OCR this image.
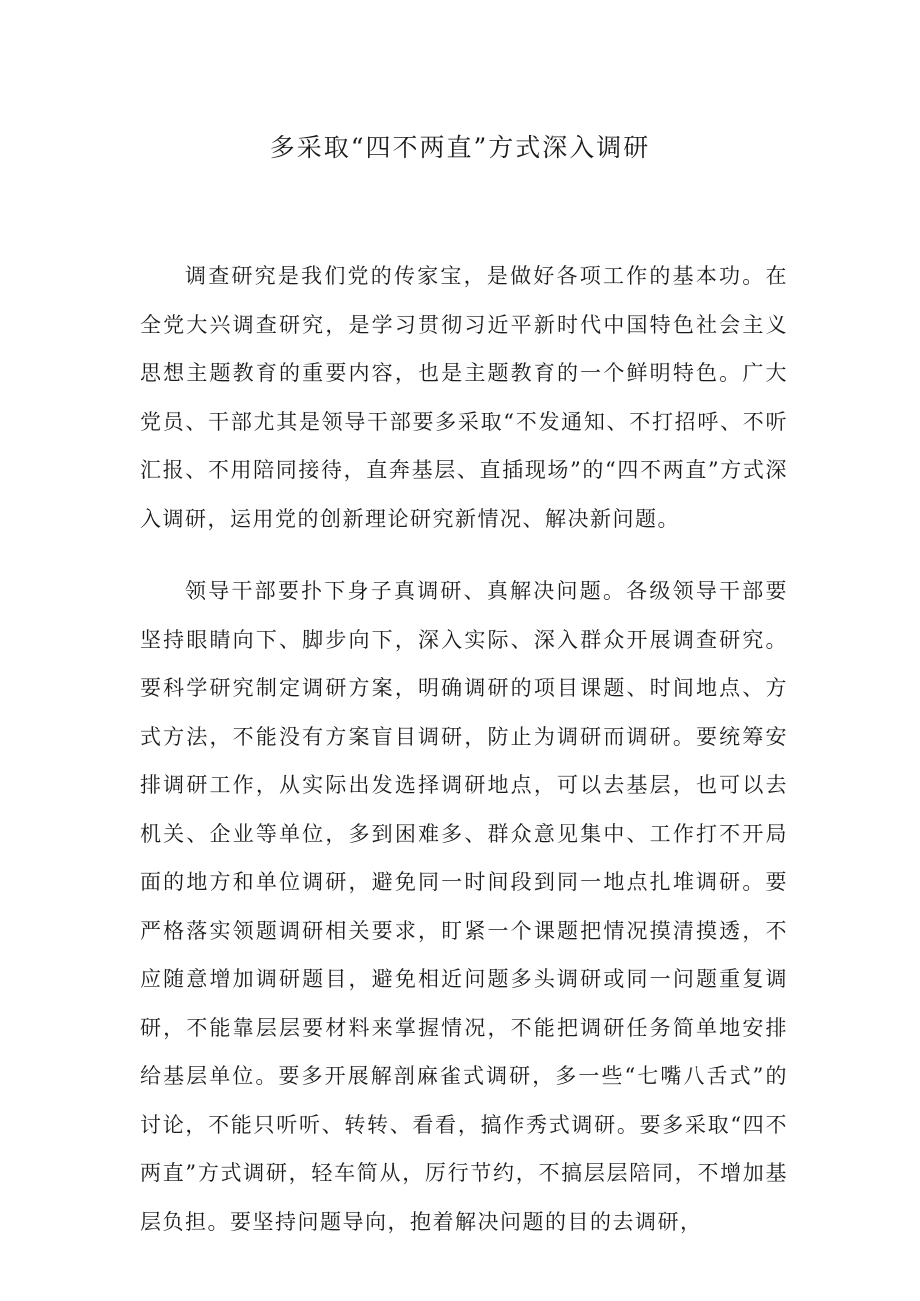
多采取“四不两直”方式深入调研

调查研究是我们党的传家宝，是做好各项工作的基本功。在全党大兴调查研究，是学习贯彻习近平新时代中国特色社会主义思想主题教育的重要内容，也是主题教育的一个鲜明特色。广大党员、干部尤其是领导干部要多采取“不发通知、不打招呼、不听汇报、不用陪同接待，直奔基层、直插现场”的“四不两直”方式深入调研，运用党的创新理论研究新情况、解决新问题。

领导干部要扑下身子真调研、真解决问题。各级领导干部要坚持眼睛向下、脚步向下，深入实际、深入群众开展调查研究。要科学研究制定调研方案，明确调研的项目课题、时间地点、方式方法，不能没有方案盲目调研，防止为调研而调研。要统筹安排调研工作，从实际出发选择调研地点，可以去基层，也可以去机关、企业等单位，多到困难多、群众意见集中、工作打不开局面的地方和单位调研，避免同一时间段到同一地点扎堆调研。要严格落实领题调研相关要求，盯紧一个课题把情况摸清摸透，不应随意增加调研题目，避免相近问题多头调研或同一问题重复调研，不能靠层层要材料来掌握情况，不能把调研任务简单地安排给基层单位。要多开展解剖麻雀式调研，多一些“七嘴八舌式”的讨论，不能只听听、转转、看看，搞作秀式调研。要多采取“四不两直”方式调研，轻车简从，厉行节约，不搞层层陪同，不增加基层负担。要坚持问题导向，抱着解决问题的目的去调研，
